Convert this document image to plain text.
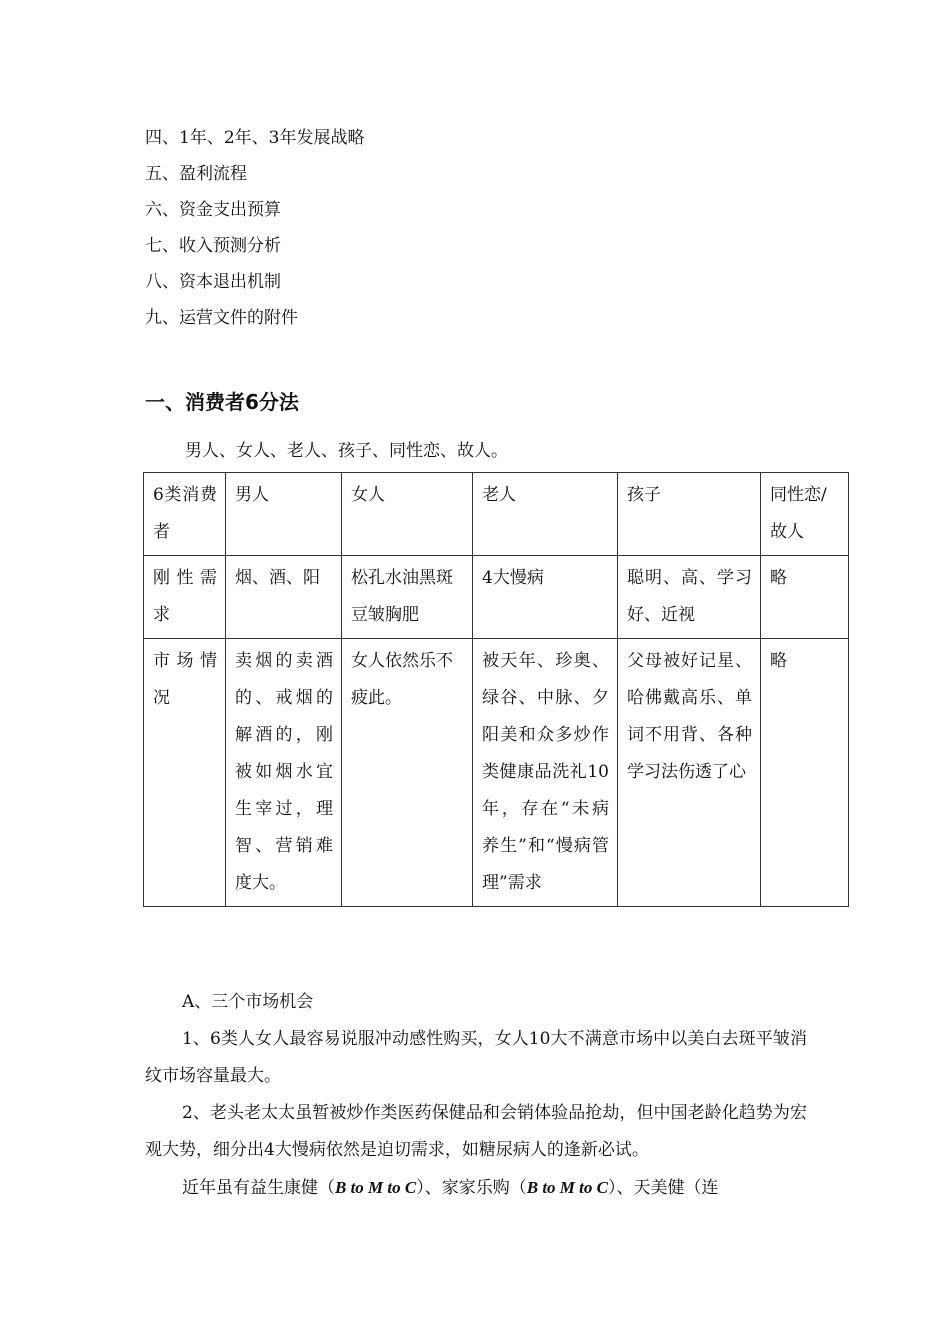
四、1年、2年、3年发展战略
五、盈利流程
六、资金支出预算
七、收入预测分析
八、资本退出机制
九、运营文件的附件
一、消费者6分法
男人、女人、老人、孩子、同性恋、故人。
6类消费者	男人	女人	老人	孩子	同性恋/故人
刚性需求	烟、酒、阳	松孔水油黑斑豆皱胸肥	4大慢病	聪明、高、学习好、近视	略
市场情况	卖烟的卖酒的、戒烟的解酒的，刚被如烟水宜生宰过，理智、营销难度大。	女人依然乐不疲此。	被天年、珍奥、绿谷、中脉、夕阳美和众多炒作类健康品洗礼10年，存在“未病养生”和“慢病管理”需求	父母被好记星、哈佛戴高乐、单词不用背、各种学习法伤透了心	略
A、三个市场机会
1、6类人女人最容易说服冲动感性购买，女人10大不满意市场中以美白去斑平皱消纹市场容量最大。
2、老头老太太虽暂被炒作类医药保健品和会销体验品抢劫，但中国老龄化趋势为宏观大势，细分出4大慢病依然是迫切需求，如糖尿病人的逢新必试。
近年虽有益生康健（B to M to C）、家家乐购（B to M to C）、天美健（连
